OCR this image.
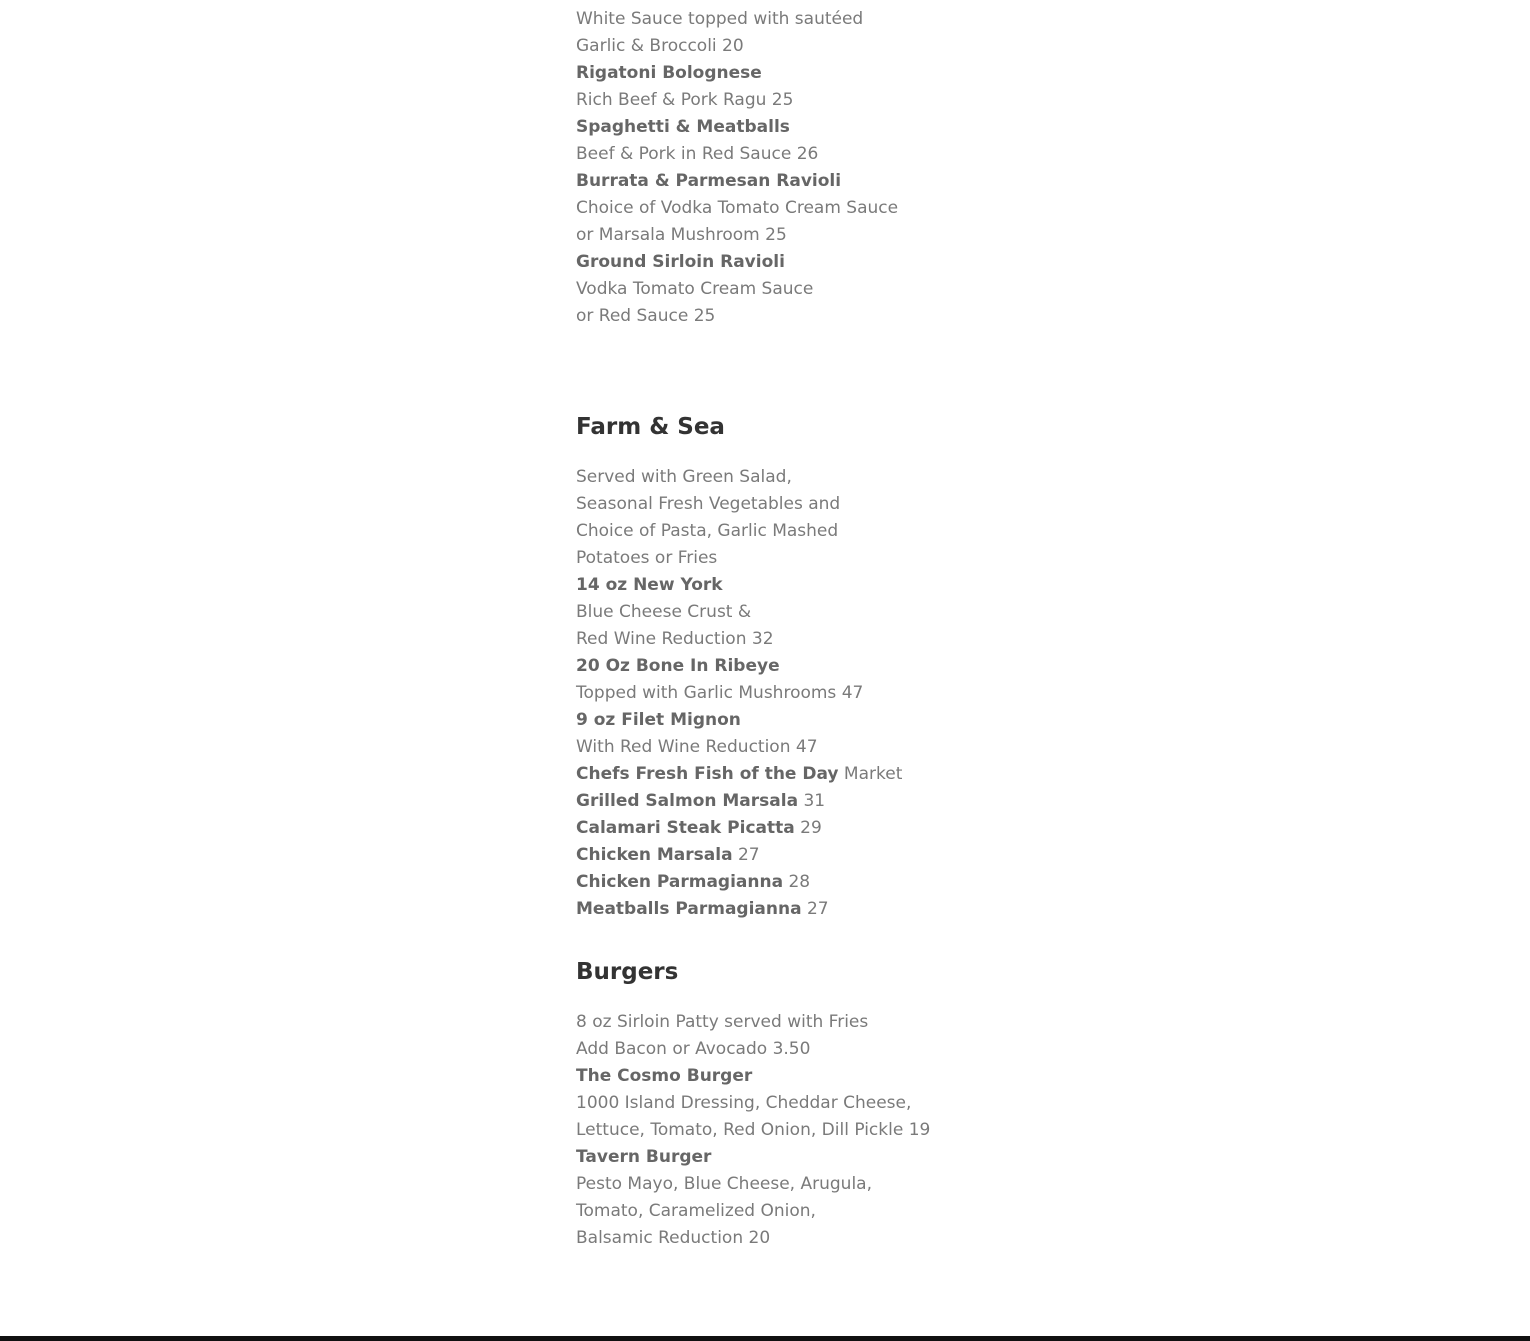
White Sauce topped with sautéed

Garlic & Broccoli 20

Rigatoni Bolognese

Rich Beef & Pork Ragu 25

Spaghetti & Meatballs

Beef & Pork in Red Sauce 26

Burrata & Parmesan Ravioli

Choice of Vodka Tomato Cream Sauce

or Marsala Mushroom 25

Ground Sirloin Ravioli

Vodka Tomato Cream Sauce

or Red Sauce 25

Farm & Sea

Served with Green Salad,

Seasonal Fresh Vegetables and

Choice of Pasta, Garlic Mashed

Potatoes or Fries

14 oz New York

Blue Cheese Crust &

Red Wine Reduction 32

20 Oz Bone In Ribeye

Topped with Garlic Mushrooms 47

9 oz Filet Mignon

With Red Wine Reduction 47

Chefs Fresh Fish of the Day Market

Grilled Salmon Marsala 31

Calamari Steak Picatta 29

Chicken Marsala 27

Chicken Parmagianna 28

Meatballs Parmagianna 27

Burgers

8 oz Sirloin Patty served with Fries

Add Bacon or Avocado 3.50

The Cosmo Burger

1000 Island Dressing, Cheddar Cheese,

Lettuce, Tomato, Red Onion, Dill Pickle 19

Tavern Burger

Pesto Mayo, Blue Cheese, Arugula,

Tomato, Caramelized Onion,

Balsamic Reduction 20
